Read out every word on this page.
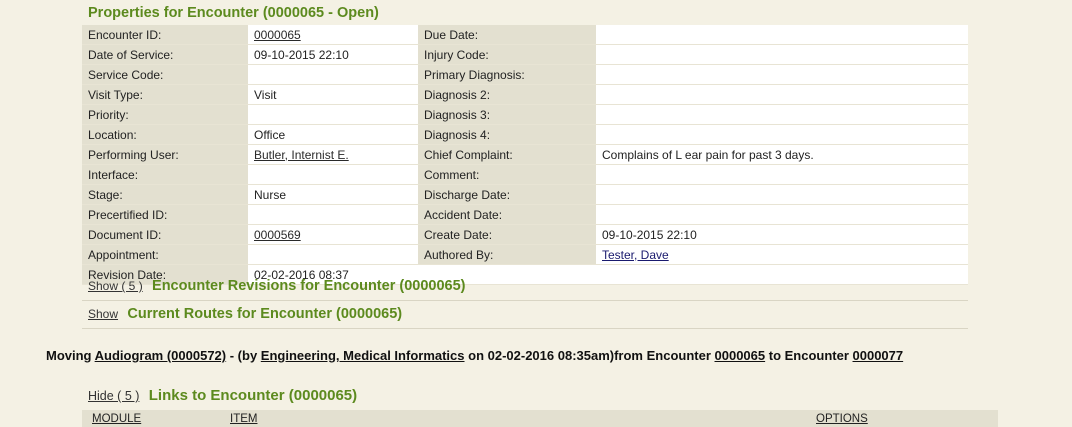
Properties for Encounter (0000065 - Open)
Encounter ID:	0000065	Due Date:	
Date of Service:	09-10-2015 22:10	Injury Code:	
Service Code:		Primary Diagnosis:	
Visit Type:	Visit	Diagnosis 2:	
Priority:		Diagnosis 3:	
Location:	Office	Diagnosis 4:	
Performing User:	Butler, Internist E.	Chief Complaint:	Complains of L ear pain for past 3 days.
Interface:		Comment:	
Stage:	Nurse	Discharge Date:	
Precertified ID:		Accident Date:	
Document ID:	0000569	Create Date:	09-10-2015 22:10
Appointment:		Authored By:	Tester, Dave
Revision Date:	02-02-2016 08:37		
Show ( 5 ) Encounter Revisions for Encounter (0000065)
Show Current Routes for Encounter (0000065)
Moving Audiogram (0000572) - (by Engineering, Medical Informatics on 02-02-2016 08:35am)from Encounter 0000065 to Encounter 0000077
Hide ( 5 ) Links to Encounter (0000065)
MODULE	ITEM	OPTIONS
